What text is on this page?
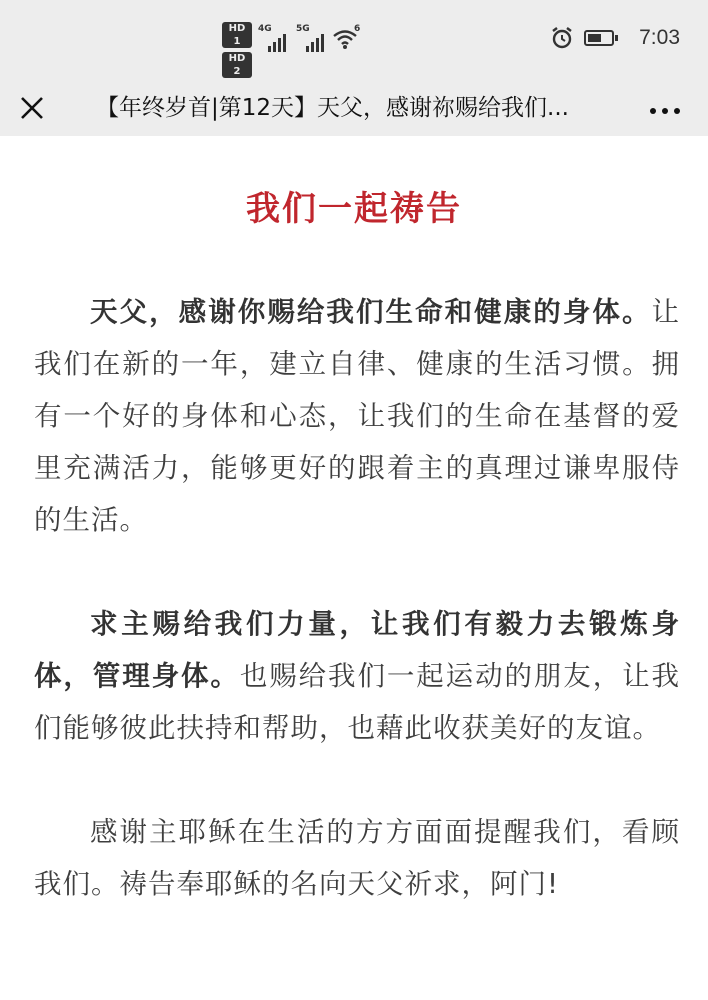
HD 1
HD 2
4G	5G	6	7:03
【年终岁首|第12天】天父，感谢祢赐给我们...
我们一起祷告

天父，感谢你赐给我们生命和健康的身体。让我们在新的一年，建立自律、健康的生活习惯。拥有一个好的身体和心态，让我们的生命在基督的爱里充满活力，能够更好的跟着主的真理过谦卑服侍的生活。

求主赐给我们力量，让我们有毅力去锻炼身体，管理身体。也赐给我们一起运动的朋友，让我们能够彼此扶持和帮助，也藉此收获美好的友谊。

感谢主耶稣在生活的方方面面提醒我们，看顾我们。祷告奉耶稣的名向天父祈求，阿门!
